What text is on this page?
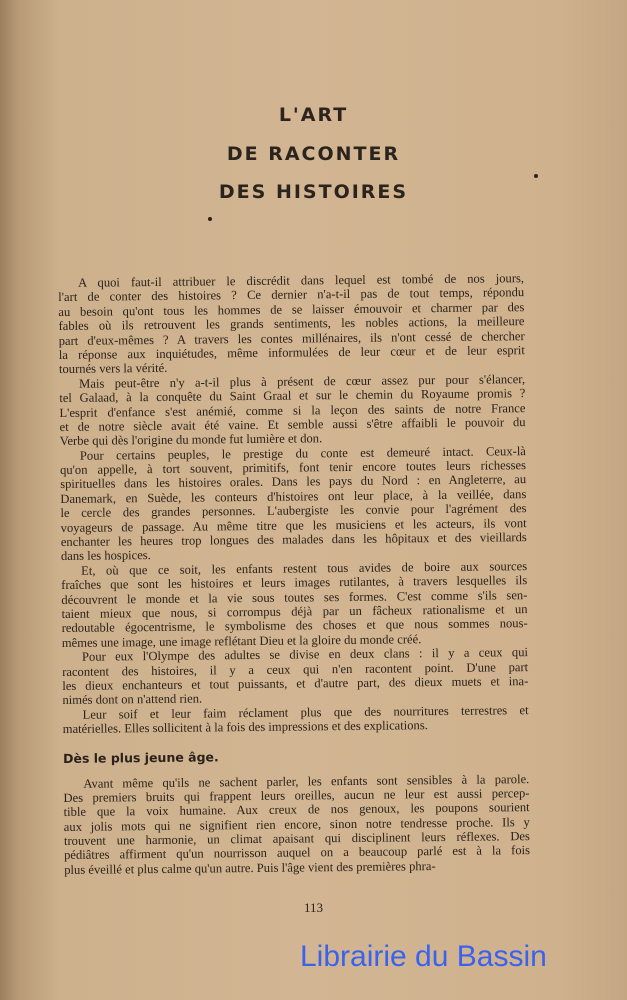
L'ART
DE RACONTER
DES HISTOIRES
A quoi faut-il attribuer le discrédit dans lequel est tombé de nos jours,
l'art de conter des histoires ? Ce dernier n'a-t-il pas de tout temps, répondu
au besoin qu'ont tous les hommes de se laisser émouvoir et charmer par des
fables où ils retrouvent les grands sentiments, les nobles actions, la meilleure
part d'eux-mêmes ? A travers les contes millénaires, ils n'ont cessé de chercher
la réponse aux inquiétudes, même informulées de leur cœur et de leur esprit
tournés vers la vérité.
Mais peut-être n'y a-t-il plus à présent de cœur assez pur pour s'élancer,
tel Galaad, à la conquête du Saint Graal et sur le chemin du Royaume promis ?
L'esprit d'enfance s'est anémié, comme si la leçon des saints de notre France
et de notre siècle avait été vaine. Et semble aussi s'être affaibli le pouvoir du
Verbe qui dès l'origine du monde fut lumière et don.
Pour certains peuples, le prestige du conte est demeuré intact. Ceux-là
qu'on appelle, à tort souvent, primitifs, font tenir encore toutes leurs richesses
spirituelles dans les histoires orales. Dans les pays du Nord : en Angleterre, au
Danemark, en Suède, les conteurs d'histoires ont leur place, à la veillée, dans
le cercle des grandes personnes. L'aubergiste les convie pour l'agrément des
voyageurs de passage. Au même titre que les musiciens et les acteurs, ils vont
enchanter les heures trop longues des malades dans les hôpitaux et des vieillards
dans les hospices.
Et, où que ce soit, les enfants restent tous avides de boire aux sources
fraîches que sont les histoires et leurs images rutilantes, à travers lesquelles ils
découvrent le monde et la vie sous toutes ses formes. C'est comme s'ils sen-
taient mieux que nous, si corrompus déjà par un fâcheux rationalisme et un
redoutable égocentrisme, le symbolisme des choses et que nous sommes nous-
mêmes une image, une image reflétant Dieu et la gloire du monde créé.
Pour eux l'Olympe des adultes se divise en deux clans : il y a ceux qui
racontent des histoires, il y a ceux qui n'en racontent point. D'une part
les dieux enchanteurs et tout puissants, et d'autre part, des dieux muets et ina-
nimés dont on n'attend rien.
Leur soif et leur faim réclament plus que des nourritures terrestres et
matérielles. Elles sollicitent à la fois des impressions et des explications.
Dès le plus jeune âge.
Avant même qu'ils ne sachent parler, les enfants sont sensibles à la parole.
Des premiers bruits qui frappent leurs oreilles, aucun ne leur est aussi percep-
tible que la voix humaine. Aux creux de nos genoux, les poupons sourient
aux jolis mots qui ne signifient rien encore, sinon notre tendresse proche. Ils y
trouvent une harmonie, un climat apaisant qui disciplinent leurs réflexes. Des
pédiâtres affirment qu'un nourrisson auquel on a beaucoup parlé est à la fois
plus éveillé et plus calme qu'un autre. Puis l'âge vient des premières phra-
113
Librairie du Bassin
